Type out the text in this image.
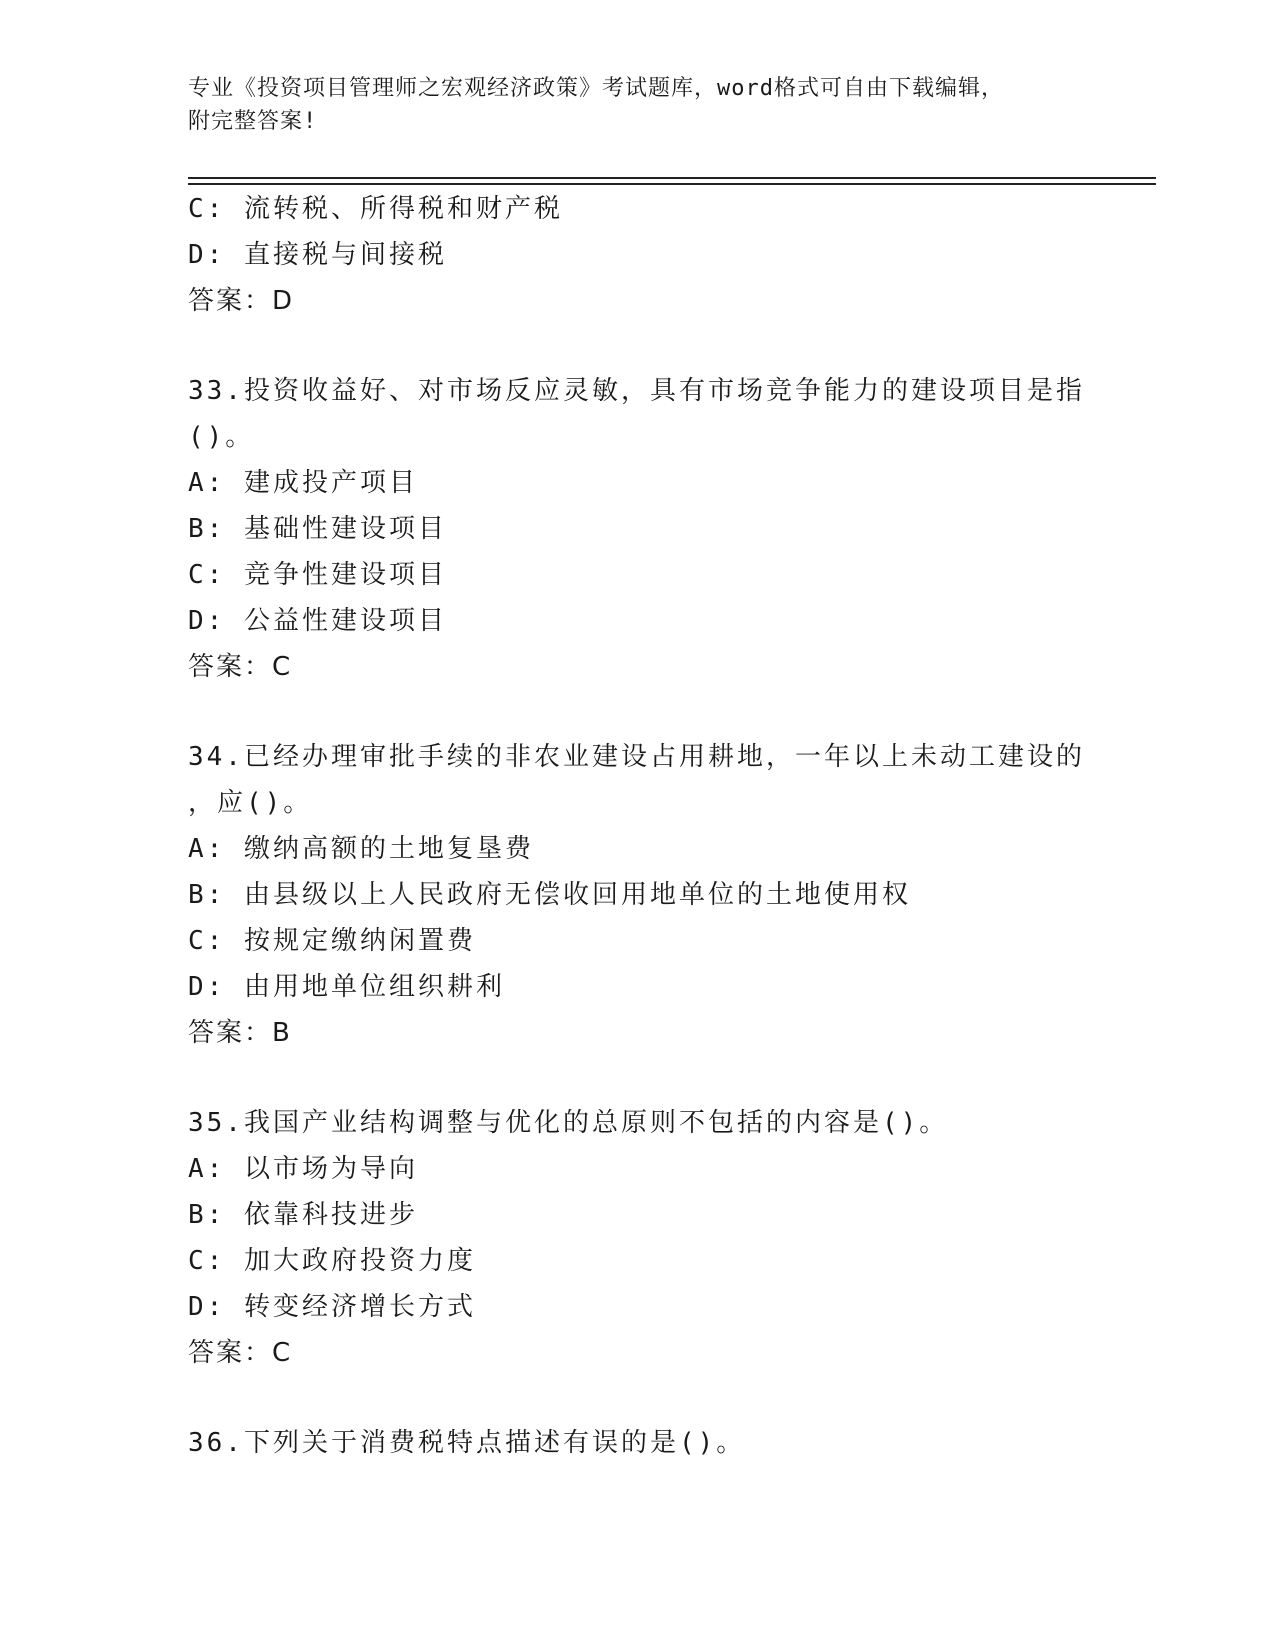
专业《投资项目管理师之宏观经济政策》考试题库，word格式可自由下载编辑，
附完整答案!
C: 流转税、所得税和财产税
D: 直接税与间接税
答案：D
33.投资收益好、对市场反应灵敏，具有市场竞争能力的建设项目是指
()。
A: 建成投产项目
B: 基础性建设项目
C: 竞争性建设项目
D: 公益性建设项目
答案：C
34.已经办理审批手续的非农业建设占用耕地，一年以上未动工建设的
，应()。
A: 缴纳高额的土地复垦费
B: 由县级以上人民政府无偿收回用地单位的土地使用权
C: 按规定缴纳闲置费
D: 由用地单位组织耕利
答案：B
35.我国产业结构调整与优化的总原则不包括的内容是()。
A: 以市场为导向
B: 依靠科技进步
C: 加大政府投资力度
D: 转变经济增长方式
答案：C
36.下列关于消费税特点描述有误的是()。
